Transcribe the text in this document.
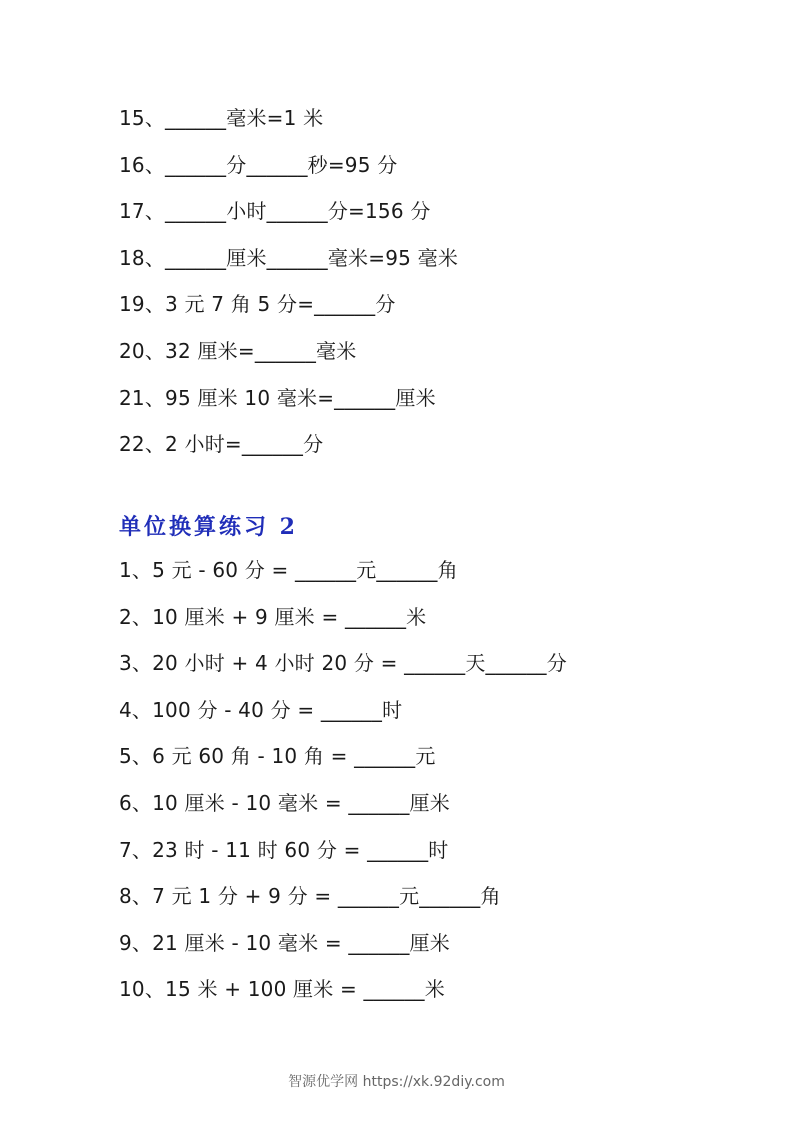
15、______毫米=1 米
16、______分______秒=95 分
17、______小时______分=156 分
18、______厘米______毫米=95 毫米
19、3 元 7 角 5 分=______分
20、32 厘米=______毫米
21、95 厘米 10 毫米=______厘米
22、2 小时=______分
单位换算练习 2
1、5 元 - 60 分 = ______元______角
2、10 厘米 + 9 厘米 = ______米
3、20 小时 + 4 小时 20 分 = ______天______分
4、100 分 - 40 分 = ______时
5、6 元 60 角 - 10 角 = ______元
6、10 厘米 - 10 毫米 = ______厘米
7、23 时 - 11 时 60 分 = ______时
8、7 元 1 分 + 9 分 = ______元______角
9、21 厘米 - 10 毫米 = ______厘米
10、15 米 + 100 厘米 = ______米
智源优学网 https://xk.92diy.com
